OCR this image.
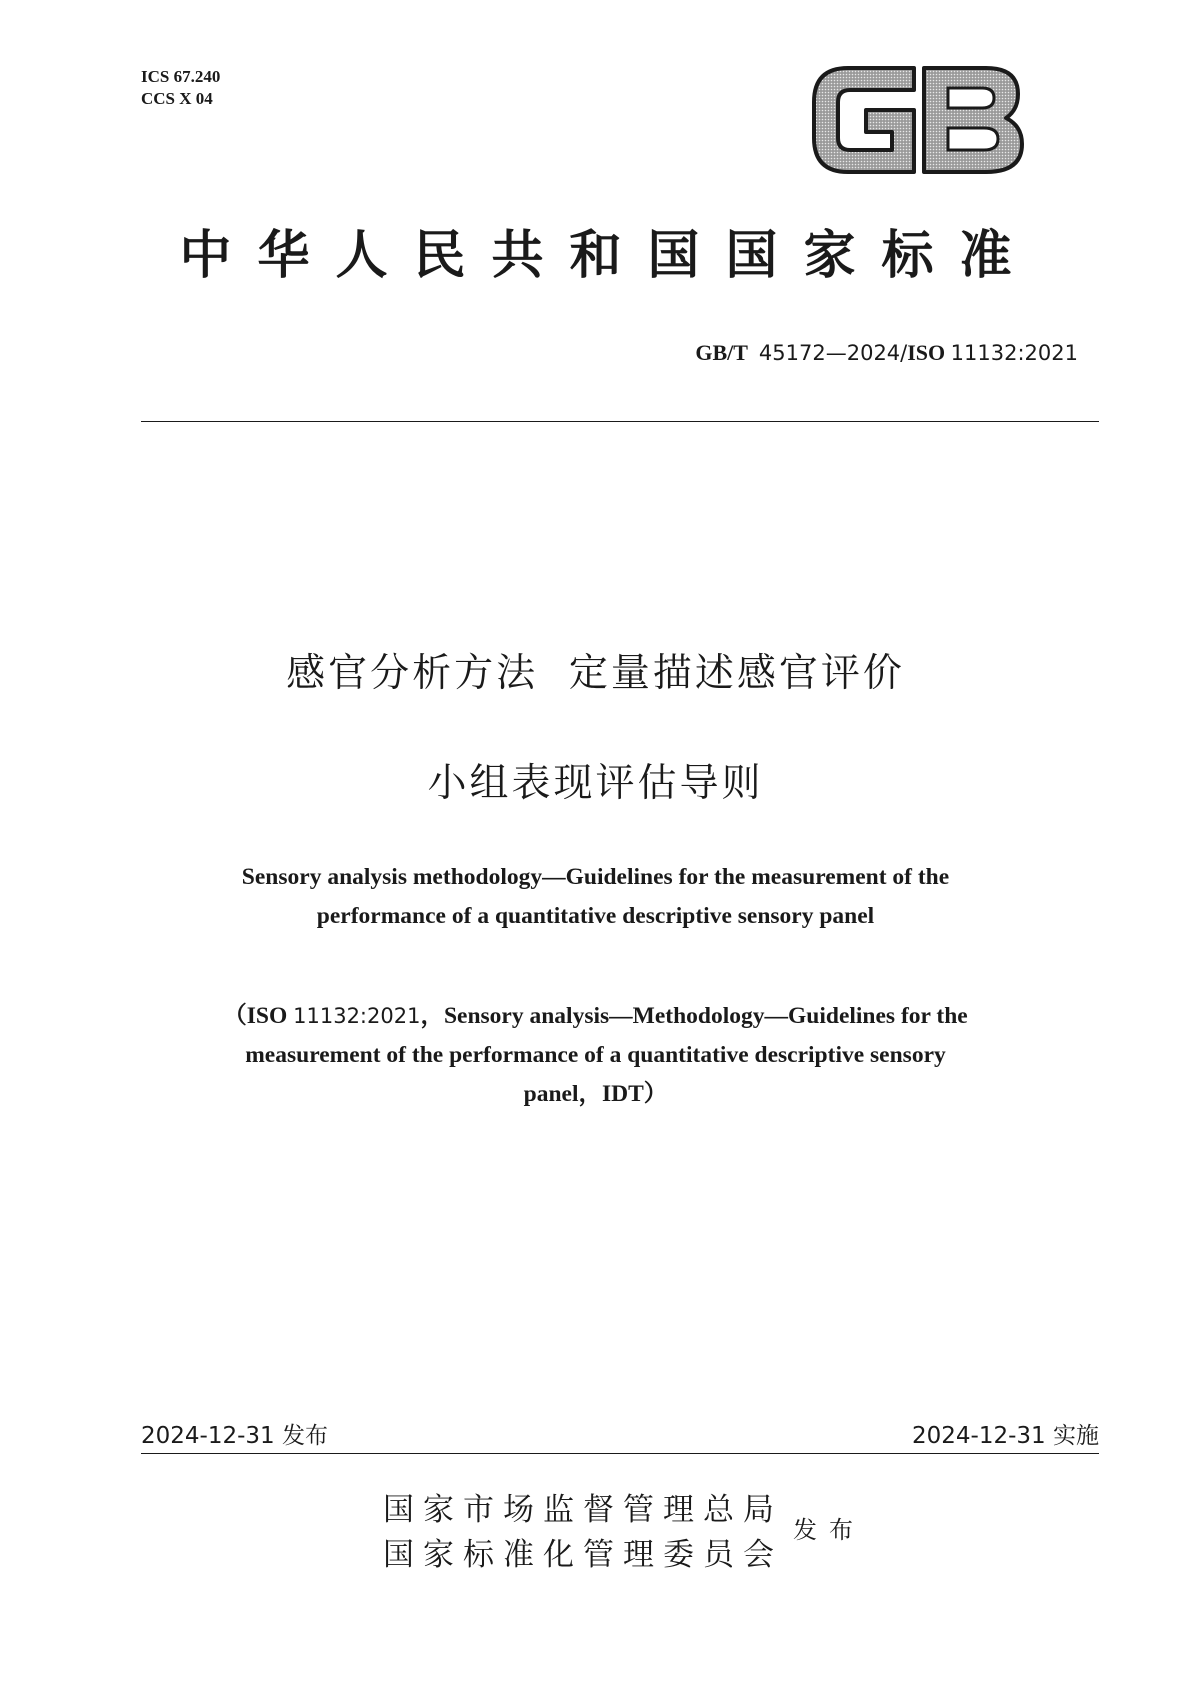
ICS 67.240
CCS X 04
中华人民共和国国家标准
GB/T 45172—2024/ISO 11132:2021
感官分析方法  定量描述感官评价
小组表现评估导则
Sensory analysis methodology—Guidelines for the measurement of the
performance of a quantitative descriptive sensory panel
（ISO 11132:2021，Sensory analysis—Methodology—Guidelines for the
measurement of the performance of a quantitative descriptive sensory
panel，IDT）
2024-12-31 发布	2024-12-31 实施
国家市场监督管理总局
国家标准化管理委员会
发布
